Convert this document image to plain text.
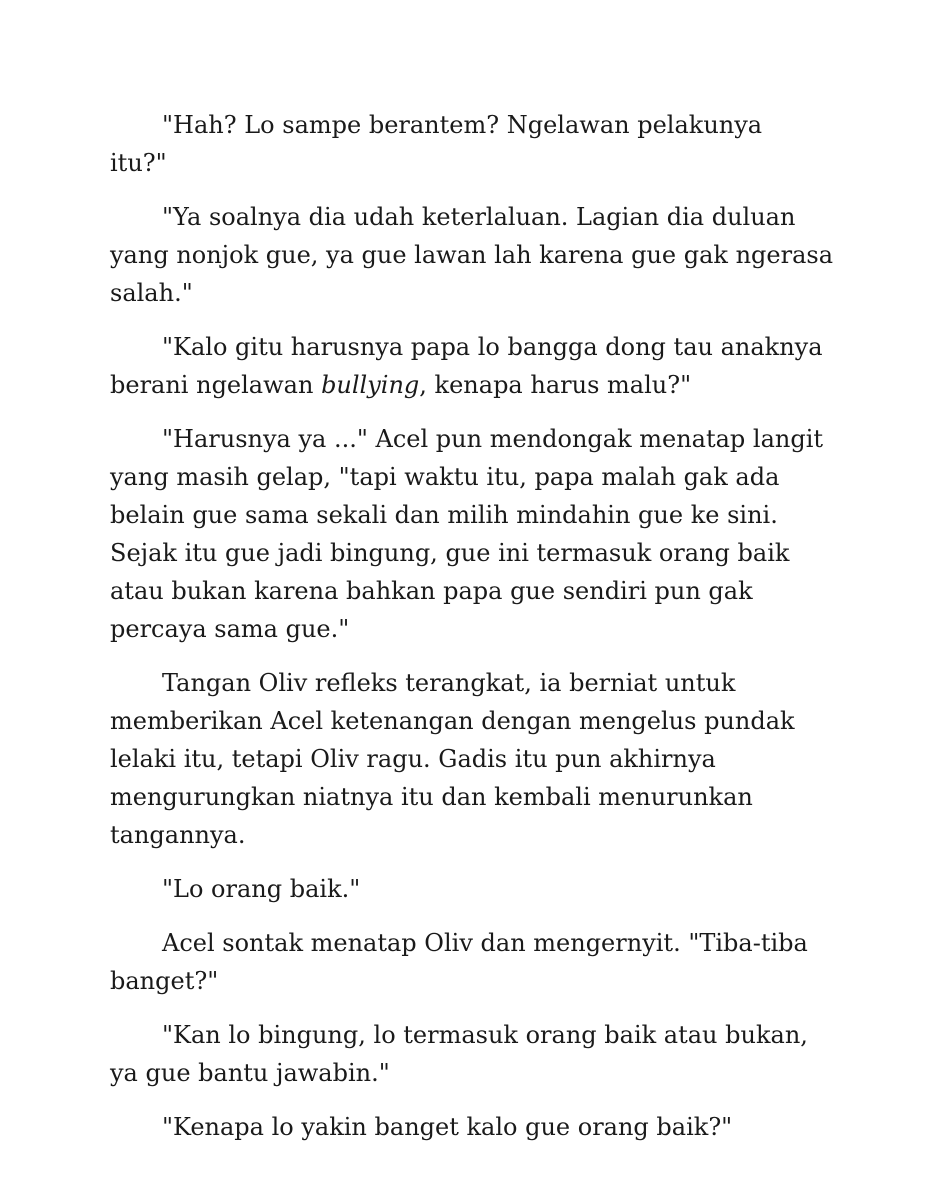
"Hah? Lo sampe berantem? Ngelawan pelakunya
itu?"

"Ya soalnya dia udah keterlaluan. Lagian dia duluan
yang nonjok gue, ya gue lawan lah karena gue gak ngerasa
salah."

"Kalo gitu harusnya papa lo bangga dong tau anaknya
berani ngelawan bullying, kenapa harus malu?"

"Harusnya ya ..." Acel pun mendongak menatap langit
yang masih gelap, "tapi waktu itu, papa malah gak ada
belain gue sama sekali dan milih mindahin gue ke sini.
Sejak itu gue jadi bingung, gue ini termasuk orang baik
atau bukan karena bahkan papa gue sendiri pun gak
percaya sama gue."

Tangan Oliv refleks terangkat, ia berniat untuk
memberikan Acel ketenangan dengan mengelus pundak
lelaki itu, tetapi Oliv ragu. Gadis itu pun akhirnya
mengurungkan niatnya itu dan kembali menurunkan
tangannya.

"Lo orang baik."

Acel sontak menatap Oliv dan mengernyit. "Tiba-tiba
banget?"

"Kan lo bingung, lo termasuk orang baik atau bukan,
ya gue bantu jawabin."

"Kenapa lo yakin banget kalo gue orang baik?"
